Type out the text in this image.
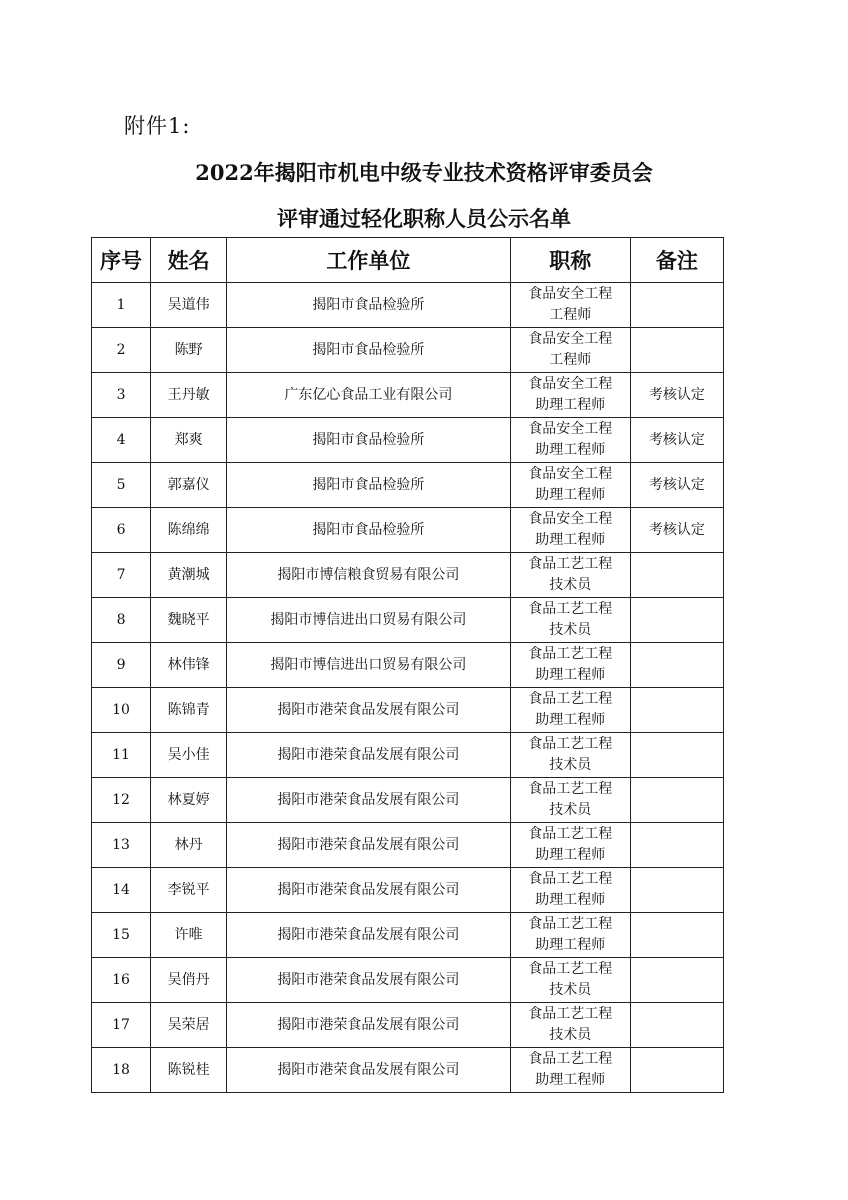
附件1:
2022年揭阳市机电中级专业技术资格评审委员会
评审通过轻化职称人员公示名单
序号	姓名	工作单位	职称	备注
1	吴道伟	揭阳市食品检验所	食品安全工程
工程师	

2	陈野	揭阳市食品检验所	食品安全工程
工程师	

3	王丹敏	广东亿心食品工业有限公司	食品安全工程
助理工程师	考核认定
4	郑爽	揭阳市食品检验所	食品安全工程
助理工程师	考核认定
5	郭嘉仪	揭阳市食品检验所	食品安全工程
助理工程师	考核认定
6	陈绵绵	揭阳市食品检验所	食品安全工程
助理工程师	考核认定
7	黄潮城	揭阳市博信粮食贸易有限公司	食品工艺工程
技术员	

8	魏晓平	揭阳市博信进出口贸易有限公司	食品工艺工程
技术员	

9	林伟锋	揭阳市博信进出口贸易有限公司	食品工艺工程
助理工程师	

10	陈锦青	揭阳市港荣食品发展有限公司	食品工艺工程
助理工程师	

11	吴小佳	揭阳市港荣食品发展有限公司	食品工艺工程
技术员	

12	林夏婷	揭阳市港荣食品发展有限公司	食品工艺工程
技术员	

13	林丹	揭阳市港荣食品发展有限公司	食品工艺工程
助理工程师	

14	李锐平	揭阳市港荣食品发展有限公司	食品工艺工程
助理工程师	

15	许唯	揭阳市港荣食品发展有限公司	食品工艺工程
助理工程师	

16	吴俏丹	揭阳市港荣食品发展有限公司	食品工艺工程
技术员	

17	吴荣居	揭阳市港荣食品发展有限公司	食品工艺工程
技术员	

18	陈锐桂	揭阳市港荣食品发展有限公司	食品工艺工程
助理工程师	
